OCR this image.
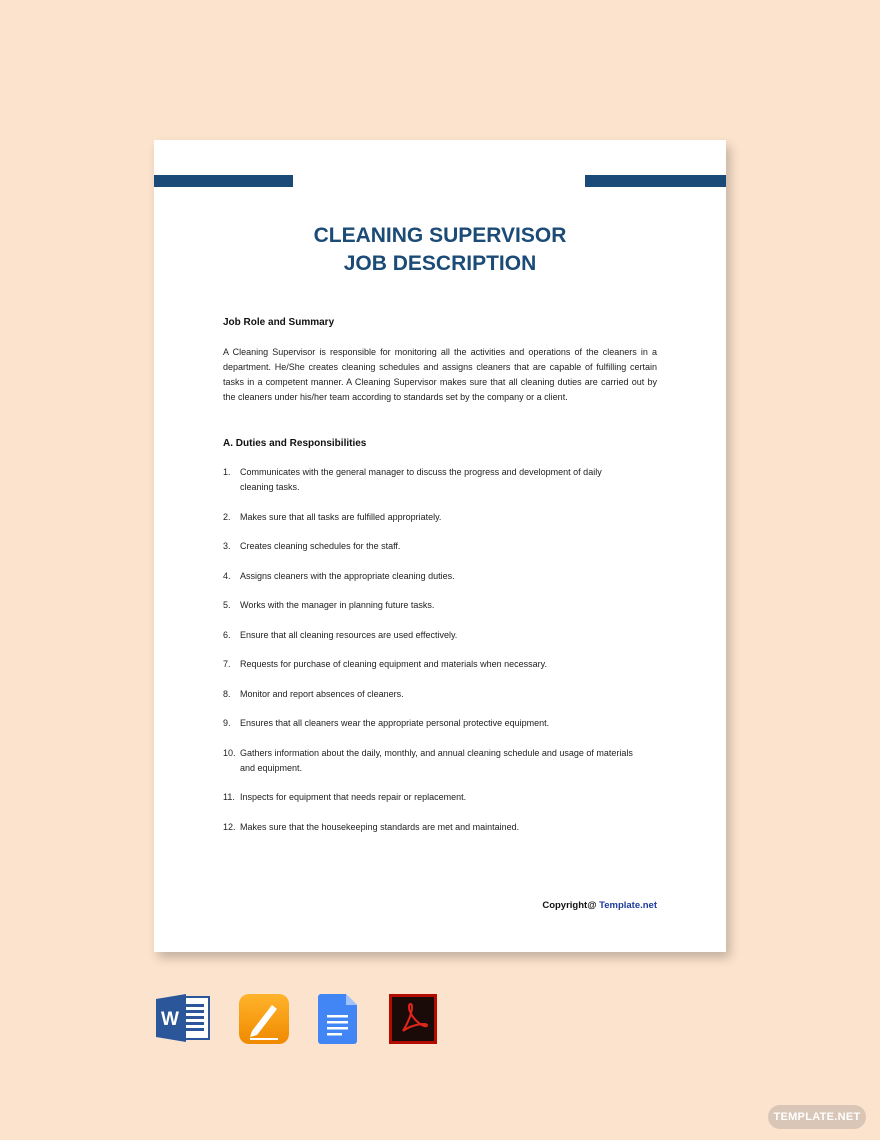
CLEANING SUPERVISOR
JOB DESCRIPTION
Job Role and Summary
A Cleaning Supervisor is responsible for monitoring all the activities and operations of the cleaners in a department. He/She creates cleaning schedules and assigns cleaners that are capable of fulfilling certain tasks in a competent manner. A Cleaning Supervisor makes sure that all cleaning duties are carried out by the cleaners under his/her team according to standards set by the company or a client.
A. Duties and Responsibilities
1.	Communicates with the general manager to discuss the progress and development of daily cleaning tasks.
2.	Makes sure that all tasks are fulfilled appropriately.
3.	Creates cleaning schedules for the staff.
4.	Assigns cleaners with the appropriate cleaning duties.
5.	Works with the manager in planning future tasks.
6.	Ensure that all cleaning resources are used effectively.
7.	Requests for purchase of cleaning equipment and materials when necessary.
8.	Monitor and report absences of cleaners.
9.	Ensures that all cleaners wear the appropriate personal protective equipment.
10. Gathers information about the daily, monthly, and annual cleaning schedule and usage of materials and equipment.
11. Inspects for equipment that needs repair or replacement.
12. Makes sure that the housekeeping standards are met and maintained.
Copyright@ Template.net
W
TEMPLATE.NET
